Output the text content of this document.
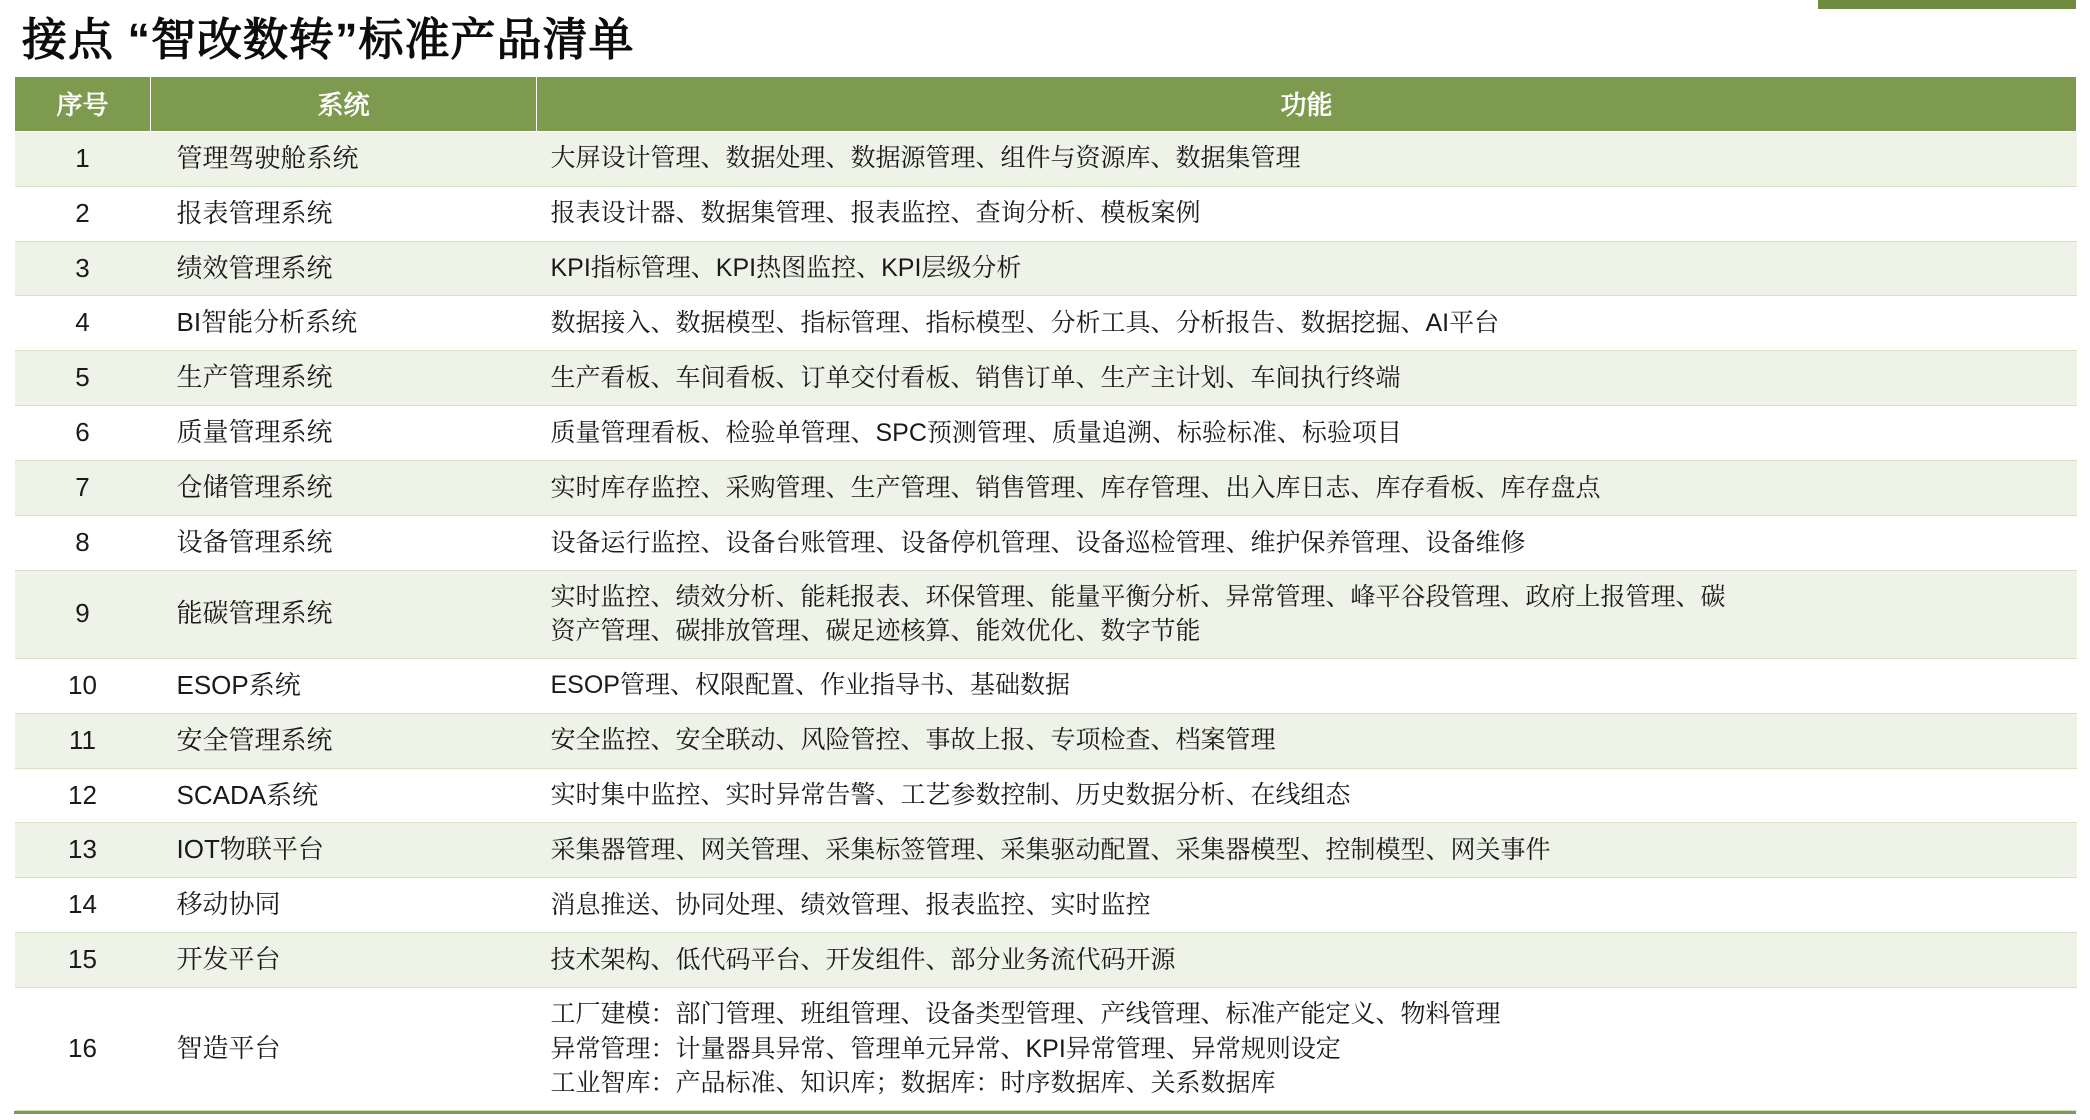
接点 “智改数转”标准产品清单
序号	系统	功能
1	管理驾驶舱系统	大屏设计管理、数据处理、数据源管理、组件与资源库、数据集管理

2	报表管理系统	报表设计器、数据集管理、报表监控、查询分析、模板案例

3	绩效管理系统	KPI指标管理、KPI热图监控、KPI层级分析

4	BI智能分析系统	数据接入、数据模型、指标管理、指标模型、分析工具、分析报告、数据挖掘、AI平台

5	生产管理系统	生产看板、车间看板、订单交付看板、销售订单、生产主计划、车间执行终端

6	质量管理系统	质量管理看板、检验单管理、SPC预测管理、质量追溯、标验标准、标验项目

7	仓储管理系统	实时库存监控、采购管理、生产管理、销售管理、库存管理、出入库日志、库存看板、库存盘点

8	设备管理系统	设备运行监控、设备台账管理、设备停机管理、设备巡检管理、维护保养管理、设备维修

9	能碳管理系统	实时监控、绩效分析、能耗报表、环保管理、能量平衡分析、异常管理、峰平谷段管理、政府上报管理、碳
资产管理、碳排放管理、碳足迹核算、能效优化、数字节能

10	ESOP系统	ESOP管理、权限配置、作业指导书、基础数据

11	安全管理系统	安全监控、安全联动、风险管控、事故上报、专项检查、档案管理

12	SCADA系统	实时集中监控、实时异常告警、工艺参数控制、历史数据分析、在线组态

13	IOT物联平台	采集器管理、网关管理、采集标签管理、采集驱动配置、采集器模型、控制模型、网关事件

14	移动协同	消息推送、协同处理、绩效管理、报表监控、实时监控

15	开发平台	技术架构、低代码平台、开发组件、部分业务流代码开源

16	智造平台	工厂建模：部门管理、班组管理、设备类型管理、产线管理、标准产能定义、物料管理
异常管理：计量器具异常、管理单元异常、KPI异常管理、异常规则设定
工业智库：产品标准、知识库；数据库：时序数据库、关系数据库
